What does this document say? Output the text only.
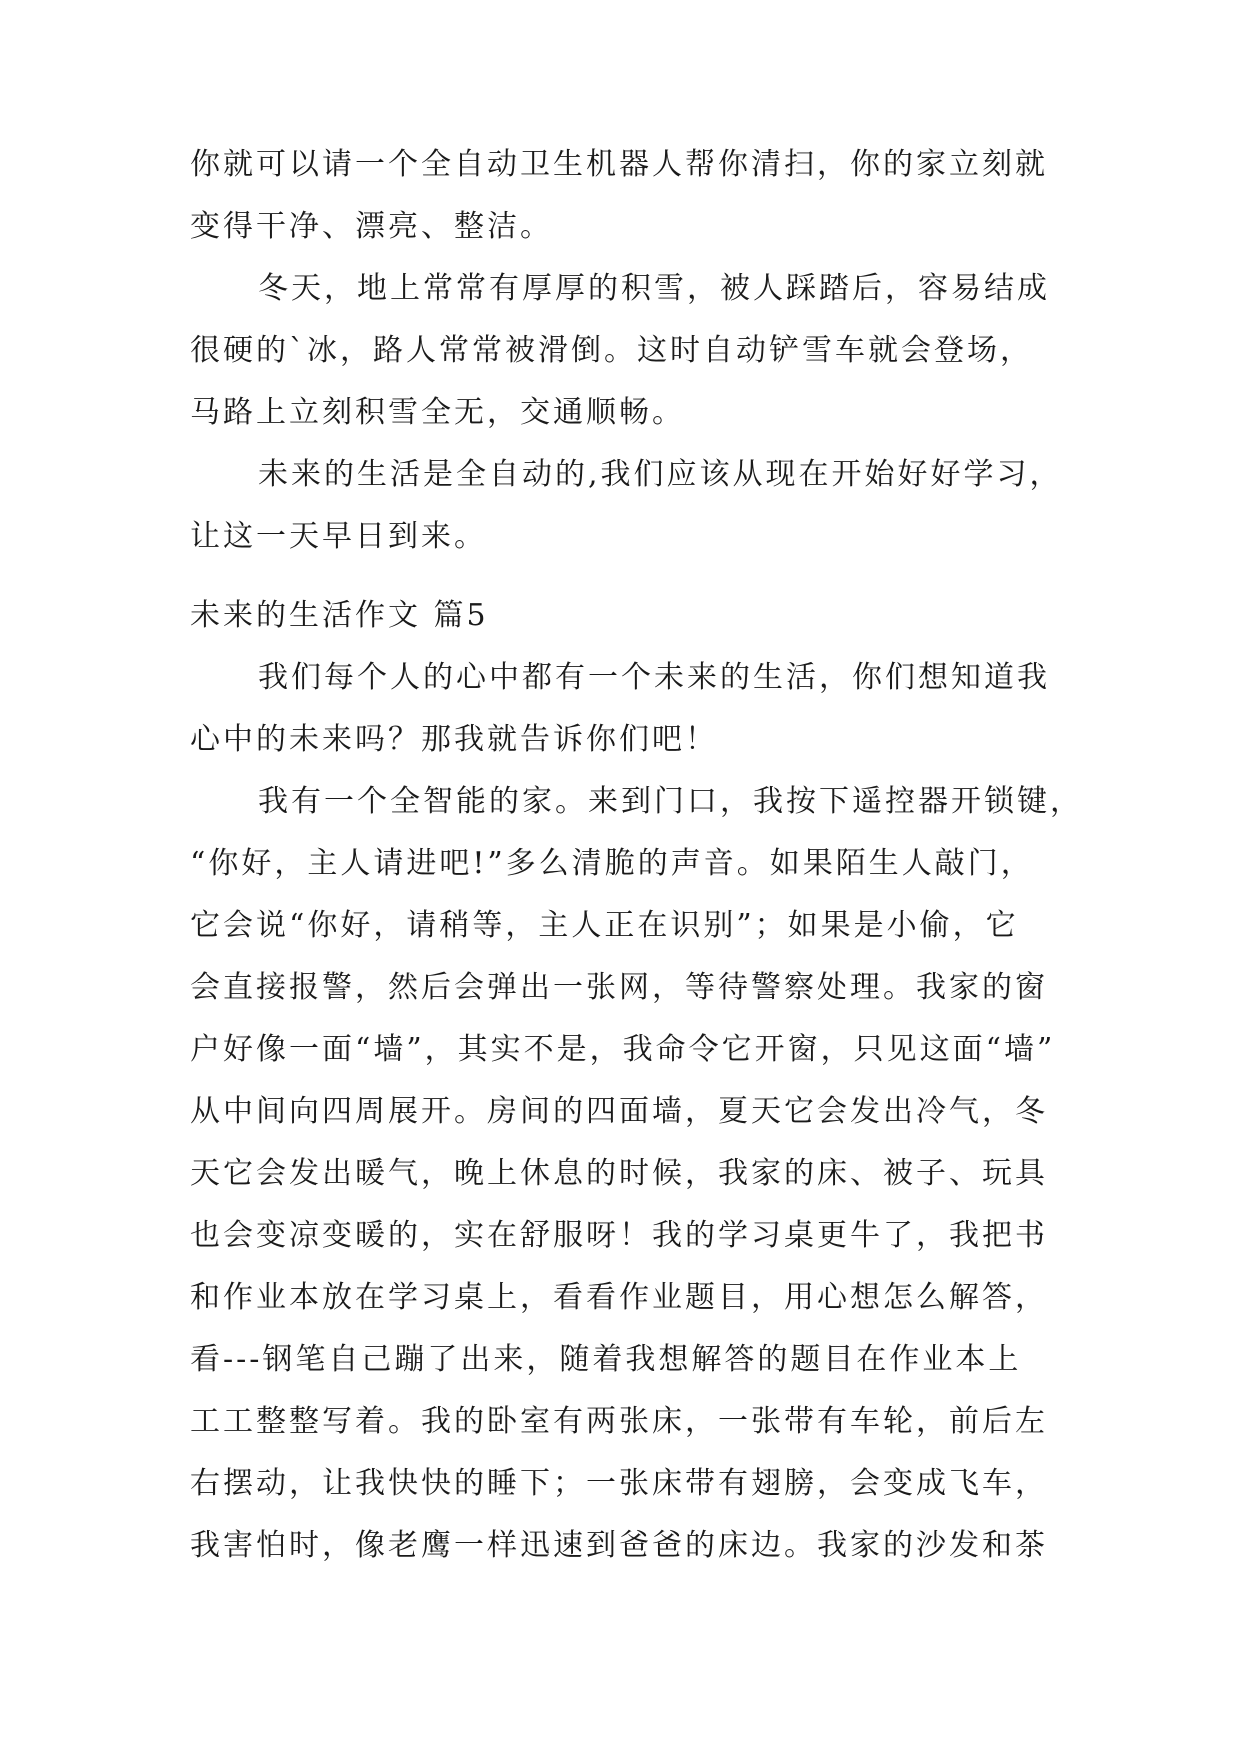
你就可以请一个全自动卫生机器人帮你清扫，你的家立刻就
变得干净、漂亮、整洁。
冬天，地上常常有厚厚的积雪，被人踩踏后，容易结成
很硬的`冰，路人常常被滑倒。这时自动铲雪车就会登场，
马路上立刻积雪全无，交通顺畅。
未来的生活是全自动的,我们应该从现在开始好好学习，
让这一天早日到来。
未来的生活作文 篇5
我们每个人的心中都有一个未来的生活，你们想知道我
心中的未来吗？那我就告诉你们吧！
我有一个全智能的家。来到门口，我按下遥控器开锁键，
“你好，主人请进吧!”多么清脆的声音。如果陌生人敲门，
它会说“你好，请稍等，主人正在识别”；如果是小偷，它
会直接报警，然后会弹出一张网，等待警察处理。我家的窗
户好像一面“墙”，其实不是，我命令它开窗，只见这面“墙”
从中间向四周展开。房间的四面墙，夏天它会发出冷气，冬
天它会发出暖气，晚上休息的时候，我家的床、被子、玩具
也会变凉变暖的，实在舒服呀！我的学习桌更牛了，我把书
和作业本放在学习桌上，看看作业题目，用心想怎么解答，
看---钢笔自己蹦了出来，随着我想解答的题目在作业本上
工工整整写着。我的卧室有两张床，一张带有车轮，前后左
右摆动，让我快快的睡下；一张床带有翅膀，会变成飞车，
我害怕时，像老鹰一样迅速到爸爸的床边。我家的沙发和茶
